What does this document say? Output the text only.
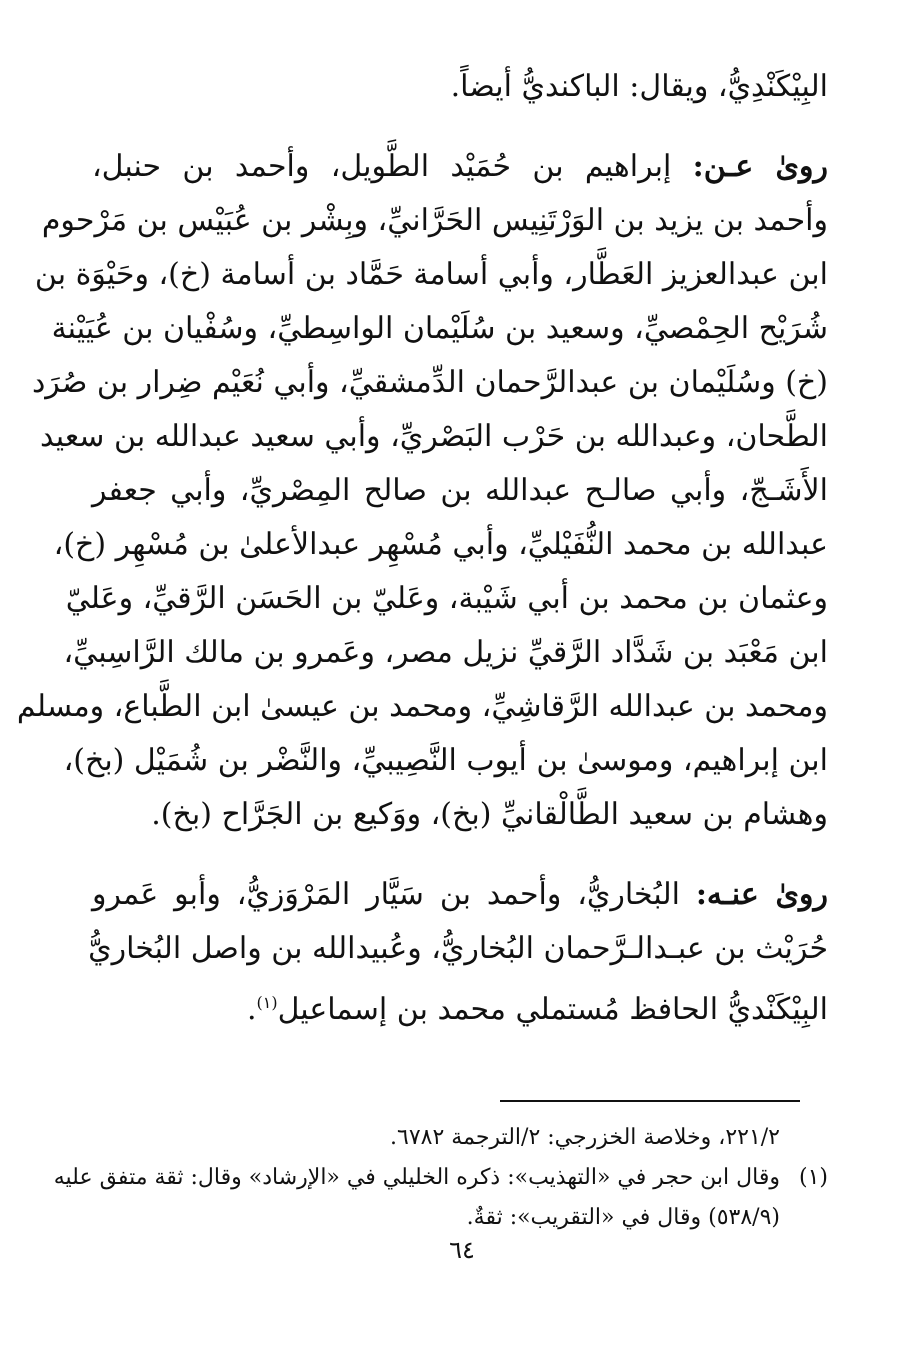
البِيْكَنْدِيُّ، ويقال: الباكنديُّ أيضاً.
روىٰ عـن: إبراهيم بن حُمَيْد الطَّويل، وأحمد بن حنبل،
وأحمد بن يزيد بن الوَرْتَنِيس الحَرَّانيِّ، وبِشْر بن عُبَيْس بن مَرْحوم
ابن عبدالعزيز العَطَّار، وأبي أسامة حَمَّاد بن أسامة (خ)، وحَيْوَة بن
شُرَيْح الحِمْصيِّ، وسعيد بن سُلَيْمان الواسِطيِّ، وسُفْيان بن عُيَيْنة
(خ) وسُلَيْمان بن عبدالرَّحمان الدِّمشقيِّ، وأبي نُعَيْم ضِرار بن صُرَد
الطَّحان، وعبدالله بن حَرْب البَصْريِّ، وأبي سعيد عبدالله بن سعيد
الأَشَـجّ، وأبي صالـح عبدالله بن صالح المِصْريِّ، وأبي جعفر
عبدالله بن محمد النُّفَيْليِّ، وأبي مُسْهِر عبدالأعلىٰ بن مُسْهِر (خ)،
وعثمان بن محمد بن أبي شَيْبة، وعَليّ بن الحَسَن الرَّقيِّ، وعَليّ
ابن مَعْبَد بن شَدَّاد الرَّقيِّ نزيل مصر، وعَمرو بن مالك الرَّاسِبيِّ،
ومحمد بن عبدالله الرَّقاشِيِّ، ومحمد بن عيسىٰ ابن الطَّباع، ومسلم
ابن إبراهيم، وموسىٰ بن أيوب النَّصِيبيِّ، والنَّضْر بن شُمَيْل (بخ)،
وهشام بن سعيد الطَّالْقانيِّ (بخ)، ووَكيع بن الجَرَّاح (بخ).
روىٰ عنـه: البُخاريُّ، وأحمد بن سَيَّار المَرْوَزيُّ، وأبو عَمرو
حُرَيْث بن عبـدالـرَّحمان البُخاريُّ، وعُبيدالله بن واصل البُخاريُّ
البِيْكَنْديُّ الحافظ مُستملي محمد بن إسماعيل$^{(١)}$.
٢٢١/٢، وخلاصة الخزرجي: ٢/الترجمة ٦٧٨٢.
(١)وقال ابن حجر في «التهذيب»: ذكره الخليلي في «الإرشاد» وقال: ثقة متفق عليه
(٥٣٨/٩) وقال في «التقريب»: ثقةٌ.
٦٤
